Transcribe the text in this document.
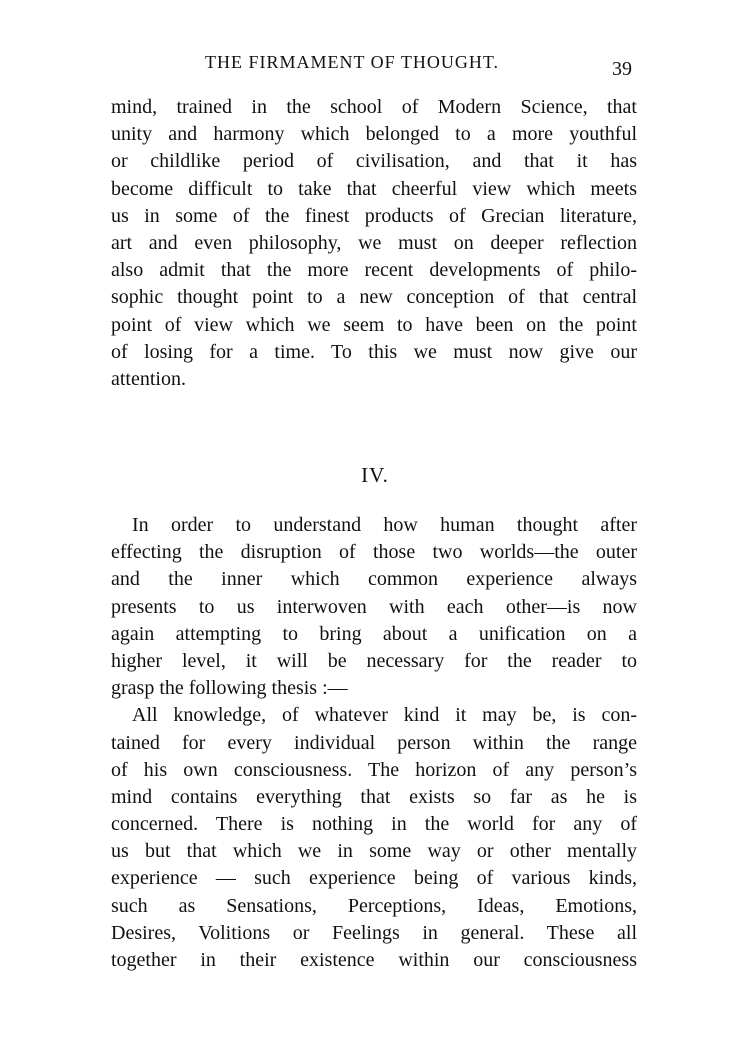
THE FIRMAMENT OF THOUGHT.	39
mind, trained in the school of Modern Science, that
unity and harmony which belonged to a more youthful
or childlike period of civilisation, and that it has
become difficult to take that cheerful view which meets
us in some of the finest products of Grecian literature,
art and even philosophy, we must on deeper reflection
also admit that the more recent developments of philo-
sophic thought point to a new conception of that central
point of view which we seem to have been on the point
of losing for a time. To this we must now give our
attention.
IV.
In order to understand how human thought after
effecting the disruption of those two worlds—the outer
and the inner which common experience always
presents to us interwoven with each other—is now
again attempting to bring about a unification on a
higher level, it will be necessary for the reader to
grasp the following thesis :—
All knowledge, of whatever kind it may be, is con-
tained for every individual person within the range
of his own consciousness. The horizon of any person’s
mind contains everything that exists so far as he is
concerned. There is nothing in the world for any of
us but that which we in some way or other mentally
experience — such experience being of various kinds,
such as Sensations, Perceptions, Ideas, Emotions,
Desires, Volitions or Feelings in general. These all
together in their existence within our consciousness
